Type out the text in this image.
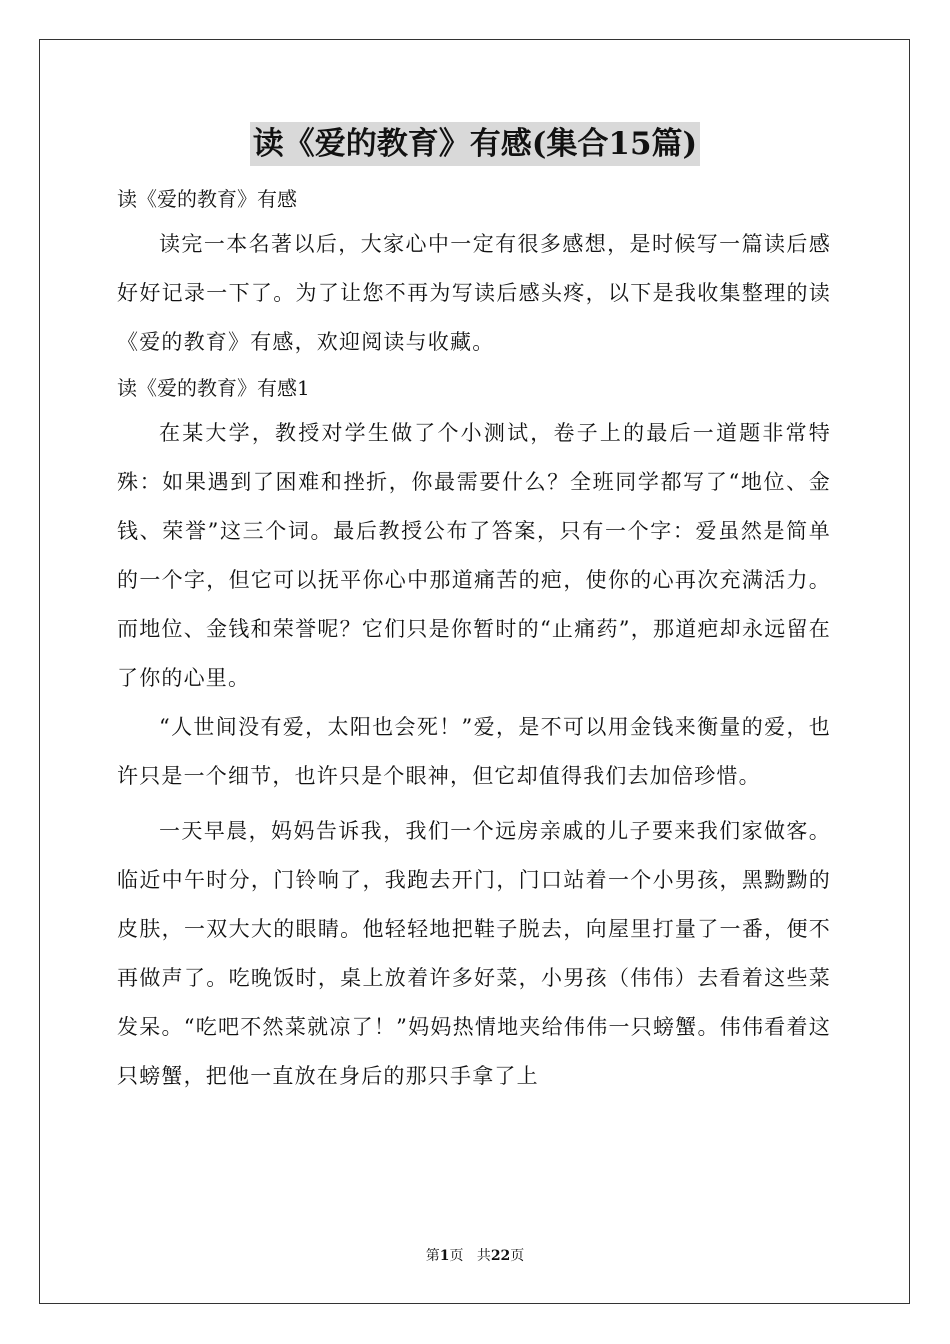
读《爱的教育》有感(集合15篇)

读《爱的教育》有感

读完一本名著以后，大家心中一定有很多感想，是时候写一篇读后感好好记录一下了。为了让您不再为写读后感头疼，以下是我收集整理的读《爱的教育》有感，欢迎阅读与收藏。

读《爱的教育》有感1

在某大学，教授对学生做了个小测试，卷子上的最后一道题非常特殊：如果遇到了困难和挫折，你最需要什么？全班同学都写了“地位、金钱、荣誉”这三个词。最后教授公布了答案，只有一个字：爱虽然是简单的一个字，但它可以抚平你心中那道痛苦的疤，使你的心再次充满活力。而地位、金钱和荣誉呢？它们只是你暂时的“止痛药”，那道疤却永远留在了你的心里。

“人世间没有爱，太阳也会死！”爱，是不可以用金钱来衡量的爱，也许只是一个细节，也许只是个眼神，但它却值得我们去加倍珍惜。

一天早晨，妈妈告诉我，我们一个远房亲戚的儿子要来我们家做客。临近中午时分，门铃响了，我跑去开门，门口站着一个小男孩，黑黝黝的皮肤，一双大大的眼睛。他轻轻地把鞋子脱去，向屋里打量了一番，便不再做声了。吃晚饭时，桌上放着许多好菜，小男孩（伟伟）去看着这些菜发呆。“吃吧不然菜就凉了！”妈妈热情地夹给伟伟一只螃蟹。伟伟看着这只螃蟹，把他一直放在身后的那只手拿了上

第1页 共22页
